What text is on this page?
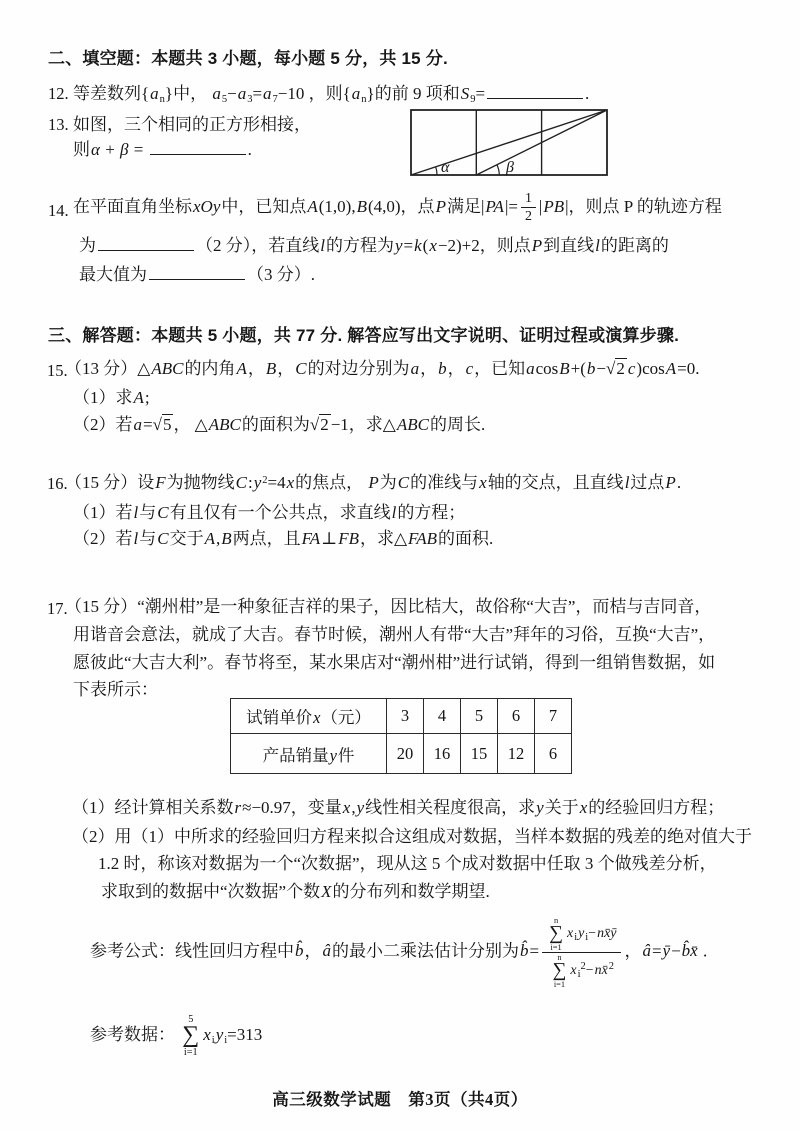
二、填空题：本题共 3 小题，每小题 5 分，共 15 分.
12. 等差数列$\{a_n\}$中， $a_5-a_3=a_7-10$ ，则$\{a_n\}$的前 9 项和$S_9=$	.
13. 如图，三个相同的正方形相接，
则α + β =	.
α	β
14. 在平面直角坐标xOy中，已知点A(1,0),B(4,0)，点P满足$|PA|= \frac{1}{2} |PB|$，则点 P 的轨迹方程
为	（2 分），若直线l的方程为y=k(x−2)+2，则点P到直线l的距离的
最大值为	（3 分）.
三、解答题：本题共 5 小题，共 77 分. 解答应写出文字说明、证明过程或演算步骤.
15.
（13 分）△ABC的内角A，B，C的对边分别为a，b，c，已知acosB+(b−√2 c)cosA=0.
（1）求A;
（2）若a=√5 ， △ABC的面积为√2 −1，求△ABC的周长.
16.
（15 分）设F为抛物线$C:y^2=4x$的焦点， P为C的准线与x轴的交点，且直线l过点P.
（1）若l与C有且仅有一个公共点，求直线l的方程；
（2）若l与C交于A,B两点，且FA⊥FB，求△FAB的面积.
17.
（15 分）“潮州柑”是一种象征吉祥的果子，因比桔大，故俗称“大吉”，而桔与吉同音，
用谐音会意法，就成了大吉。春节时候，潮州人有带“大吉”拜年的习俗，互换“大吉”，
愿彼此“大吉大利”。春节将至，某水果店对“潮州柑”进行试销，得到一组销售数据，如
下表所示：
试销单价x（元）	3	4	5	6	7
产品销量y件	20	16	15	12	6
（1）经计算相关系数r≈−0.97，变量x,y线性相关程度很高，求y关于x的经验回归方程；
（2）用（1）中所求的经验回归方程来拟合这组成对数据，当样本数据的残差的绝对值大于
1.2 时，称该对数据为一个“次数据”，现从这 5 个成对数据中任取 3 个做残差分析，
求取到的数据中“次数据”个数X的分布列和数学期望.
参考公式：线性回归方程中b̂，â的最小二乘法估计分别为b̂=
n
∑
i=1
$x_iy_i-nx̄ȳ$
n
∑
i=1
$x_i^2-nx̄^2$
，â=ȳ−b̂x̄ .
参考数据：
5
∑
i=1
$x_iy_i=313$
高三级数学试题　第3页（共4页）
